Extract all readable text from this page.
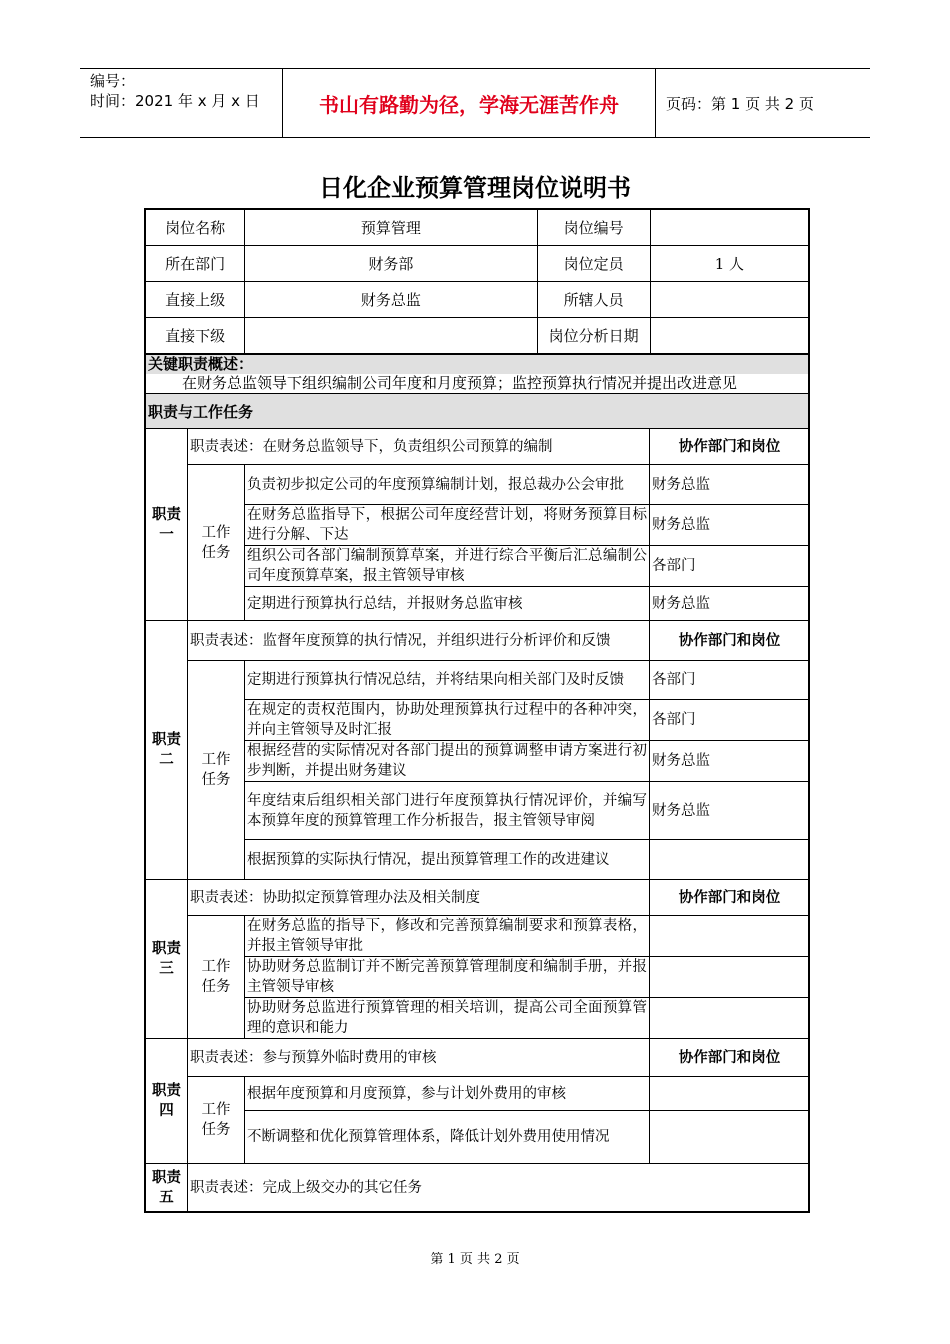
编号：
时间：2021 年 x 月 x 日	书山有路勤为径，学海无涯苦作舟	页码：第 1 页 共 2 页
日化企业预算管理岗位说明书
岗位名称	预算管理	岗位编号	
所在部门	财务部	岗位定员	1 人
直接上级	财务总监	所辖人员	
直接下级		岗位分析日期	
关键职责概述：
在财务总监领导下组织编制公司年度和月度预算；监控预算执行情况并提出改进意见
职责与工作任务
职责一	职责表述：在财务总监领导下，负责组织公司预算的编制		协作部门和岗位
	工作任务	负责初步拟定公司的年度预算编制计划，报总裁办公会审批	财务总监
		在财务总监指导下，根据公司年度经营计划，将财务预算目标进行分解、下达	财务总监
		组织公司各部门编制预算草案，并进行综合平衡后汇总编制公司年度预算草案，报主管领导审核	各部门
		定期进行预算执行总结，并报财务总监审核	财务总监
职责二	职责表述：监督年度预算的执行情况，并组织进行分析评价和反馈		协作部门和岗位
	工作任务	定期进行预算执行情况总结，并将结果向相关部门及时反馈	各部门
		在规定的责权范围内，协助处理预算执行过程中的各种冲突，并向主管领导及时汇报	各部门
		根据经营的实际情况对各部门提出的预算调整申请方案进行初步判断，并提出财务建议	财务总监
		年度结束后组织相关部门进行年度预算执行情况评价，并编写本预算年度的预算管理工作分析报告，报主管领导审阅	财务总监
		根据预算的实际执行情况，提出预算管理工作的改进建议	
职责三	职责表述：协助拟定预算管理办法及相关制度		协作部门和岗位
	工作任务	在财务总监的指导下，修改和完善预算编制要求和预算表格，并报主管领导审批	
		协助财务总监制订并不断完善预算管理制度和编制手册，并报主管领导审核	
		协助财务总监进行预算管理的相关培训，提高公司全面预算管理的意识和能力	
职责四	职责表述：参与预算外临时费用的审核		协作部门和岗位
	工作任务	根据年度预算和月度预算，参与计划外费用的审核	
		不断调整和优化预算管理体系，降低计划外费用使用情况	
职责五	职责表述：完成上级交办的其它任务		
第 1 页 共 2 页
